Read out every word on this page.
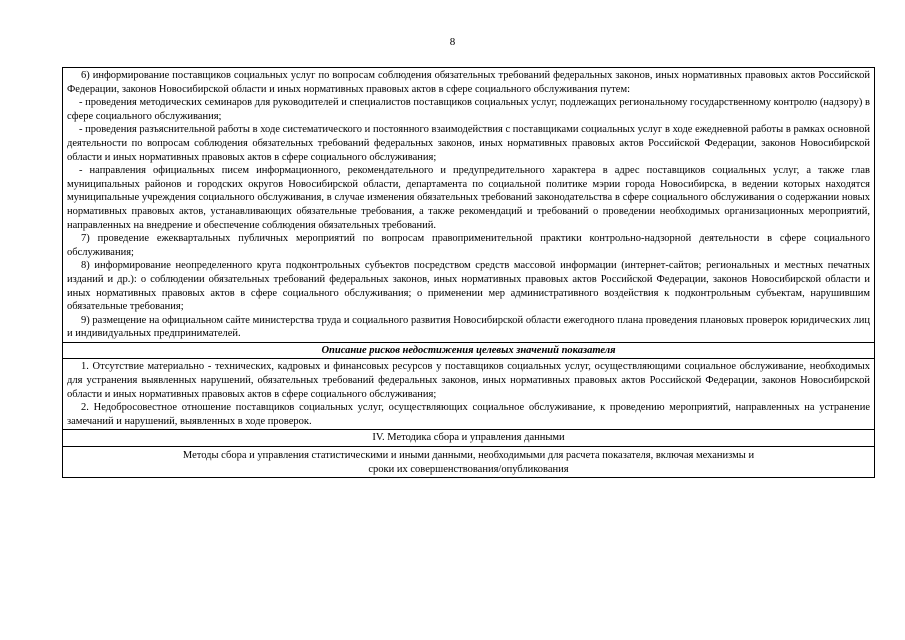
8

6) информирование поставщиков социальных услуг по вопросам соблюдения обязательных требований федеральных законов, иных нормативных правовых актов Российской Федерации, законов Новосибирской области и иных нормативных правовых актов в сфере социального обслуживания путем:

- проведения методических семинаров для руководителей и специалистов поставщиков социальных услуг, подлежащих региональному государственному контролю (надзору) в сфере социального обслуживания;

- проведения разъяснительной работы в ходе систематического и постоянного взаимодействия с поставщиками социальных услуг в ходе ежедневной работы в рамках основной деятельности по вопросам соблюдения обязательных требований федеральных законов, иных нормативных правовых актов Российской Федерации, законов Новосибирской области и иных нормативных правовых актов в сфере социального обслуживания;

- направления официальных писем информационного, рекомендательного и предупредительного характера в адрес поставщиков социальных услуг, а также глав муниципальных районов и городских округов Новосибирской области, департамента по социальной политике мэрии города Новосибирска, в ведении которых находятся муниципальные учреждения социального обслуживания, в случае изменения обязательных требований законодательства в сфере социального обслуживания о содержании новых нормативных правовых актов, устанавливающих обязательные требования, а также рекомендаций и требований о проведении необходимых организационных мероприятий, направленных на внедрение и обеспечение соблюдения обязательных требований.

7) проведение ежеквартальных публичных мероприятий по вопросам правоприменительной практики контрольно-надзорной деятельности в сфере социального обслуживания;

8) информирование неопределенного круга подконтрольных субъектов посредством средств массовой информации (интернет-сайтов; региональных и местных печатных изданий и др.): о соблюдении обязательных требований федеральных законов, иных нормативных правовых актов Российской Федерации, законов Новосибирской области и иных нормативных правовых актов в сфере социального обслуживания; о применении мер административного воздействия к подконтрольным субъектам, нарушившим обязательные требования;

9) размещение на официальном сайте министерства труда и социального развития Новосибирской области ежегодного плана проведения плановых проверок юридических лиц и индивидуальных предпринимателей.

Описание рисков недостижения целевых значений показателя

1. Отсутствие материально - технических, кадровых и финансовых ресурсов у поставщиков социальных услуг, осуществляющими социальное обслуживание, необходимых для устранения выявленных нарушений, обязательных требований федеральных законов, иных нормативных правовых актов Российской Федерации, законов Новосибирской области и иных нормативных правовых актов в сфере социального обслуживания;

2. Недобросовестное отношение поставщиков социальных услуг, осуществляющих социальное обслуживание, к проведению мероприятий, направленных на устранение замечаний и нарушений, выявленных в ходе проверок.

IV. Методика сбора и управления данными

Методы сбора и управления статистическими и иными данными, необходимыми для расчета показателя, включая механизмы и
сроки их совершенствования/опубликования
